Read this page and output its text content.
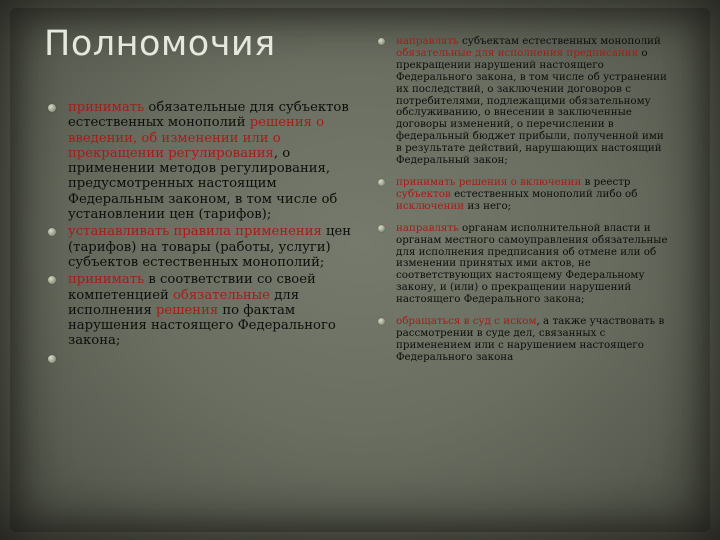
Полномочия
принимать обязательные для субъектов естественных монополий решения о введении, об изменении или о прекращении регулирования, о применении методов регулирования, предусмотренных настоящим Федеральным законом, в том числе об установлении цен (тарифов);
устанавливать правила применения цен (тарифов) на товары (работы, услуги) субъектов естественных монополий;
принимать в соответствии со своей компетенцией обязательные для исполнения решения по фактам нарушения настоящего Федерального закона;
направлять субъектам естественных монополий обязательные для исполнения предписания о прекращении нарушений настоящего Федерального закона, в том числе об устранении их последствий, о заключении договоров с потребителями, подлежащими обязательному обслуживанию, о внесении в заключенные договоры изменений, о перечислении в федеральный бюджет прибыли, полученной ими в результате действий, нарушающих настоящий Федеральный закон;
принимать решения о включении в реестр субъектов естественных монополий либо об исключении из него;
направлять органам исполнительной власти и органам местного самоуправления обязательные для исполнения предписания об отмене или об изменении принятых ими актов, не соответствующих настоящему Федеральному закону, и (или) о прекращении нарушений настоящего Федерального закона;
обращаться в суд с иском, а также участвовать в рассмотрении в суде дел, связанных с применением или с нарушением настоящего Федерального закона
